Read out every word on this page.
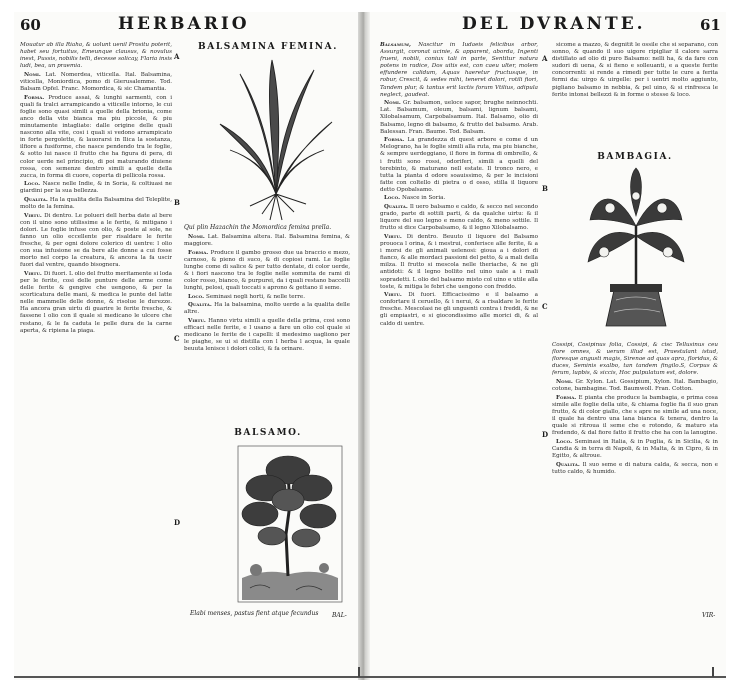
60	HERBARIO

Mouatur ab illa Riaha, & uolunt uenil Prositu poterit, habet seu fortuitus, Emeunque clausus, & novulus inest, Pussis, nobilis telli, decesse solicay, Flaria insis ludi, bea, un praemia.

Nomi. Lat. Nomerdea, viticella. Ital. Balsamina, viticella, Moniordica, pomo di Gierusalemme. Tod. Balsam Opfel. Franc. Momordica, & sic Chamantia.

Forma. Produce assai, & lunghi sarmenti, con i quali fa tralci arrampicando a viticelle intorno, le cui foglie sono quasi simili a quelle della brionia, come anco della vite bianca ma piu piccole, & piu minutamente intagliate: dalle origine delle quali nascono alla vite, cosi i quali si vedono arrampicato in forte pergolette, & lauorarsi in Ilica la sostanza, ilfiore a fusiforme, che nasce pendendo tra le foglie, & sotto lui nasce il frutto che ha figura di pera, di color uerde nel principio, di poi maturando diuiene rossa, con semenze dentro simili a quelle della zucca, in forma di cuore, coperta di pellicola rossa.

Loco. Nasce nelle Indie, & in Soria, & coltiuasi ne giardini per la sua bellezza.

Qualita. Ha la qualita della Balsamina del Teleplite, molto de la femina.

Virtu. Di dentro. Le polueri dell herba date al bere con il uino sono utilissime a le ferite, & mitigano i dolori. Le foglie infuse con olio, & poste al sole, ne fanno un olio eccellente per risaldare le ferite fresche, & per ogni dolore colerico di uentre: l olio con sua infusione se da bere alle donne a cui fosse morto nel corpo la creatura, & ancora la fa uscir fuori dal ventre, quando bisognera.

Virtu. Di fuori. L olio del frutto meritamente si loda per le ferite, cosi delle punture delle arme come delle ferite & gengive che uengono, & per la scorticatura delle mani, & medica le punte del latte nelle mammelle delle donne, & risolue le durezze. Ha ancora gran uirtu di guarire le ferite fresche, & fassene l olio con il quale si medicano le ulcere che restano, & le fa caduta le pelle dura de la carne aperta, & ripiena la piaga.

A
B
C
D
BALSAMINA FEMINA.
Qui plin Hazachin the Momordica femina prella.

Nomi. Lat. Balsamina altera. Ital. Balsamina femina, & maggiore.

Forma. Produce il gambo grosso due ua braccio e mezo, carnoso, & pieno di suco, & di copiosi rami. Le foglie lunghe come di salice & per tutto dentate, di color uerde, & i fiori nascono tra le foglie nelle sommita de rami di color rosso, bianco, & purpurei, da i quali restano baccelli lunghi, pelosi, quali toccati s aprono & gettano il seme.

Loco. Seminasi negli horti, & nelle terre.

Qualita. Ha la balsamina, molto uerde a la qualita delle altre.

Virtu. Hanno virtu simili a quelle della prima, cosi sono efficaci nelle ferite, e l usano a fare un olio col quale si medicano le ferite de i capelli: il medesimo uagliono per le piaghe, se ui si distilla con l herba l acqua, la quale beuuta lenisce i dolori colici, & fa orinare.

BALSAMO.
Elabi menses, pastus fient atque fecundus BAL-
DEL DVRANTE.	61

Balsamum, Nascitur in Iudaeis felicibus arbor, Assurgit, coronat ucinie, & apparent, aborda, Ingenti frueni, nobili, coniux tali in parte, Sentitur natura potens in radice, Dos uitis est, con caeu ulter, molem effundere calidum, Aquas haeretur fructusque, in robur, Crescit, & sedes mihi, teneret dolori, rotili fiori, Tandem plur, & tantus erit lactis forum Vtilius, adipula neglect, gaudeat.

Nomi. Gr. balsamon, ueloce sapor, brughe neinnochti. Lat. Balsamum, oleum, balsami, lignum balsami, Xilobalsamum, Carpobalsamum. Ital. Balsamo, olio di Balsamo, legno di balsamo, & frutto del balsamo. Arab. Balessan. Fran. Baume. Tod. Balsam.

Forma. La grandezza di quest arbore e come d un Melograno, ha le foglie simili alla ruta, ma piu bianche, & sempre uerdeggiano, il fiore in forma di ombrello, & i frutti sono rossi, odoriferi, simili a quelli del terebinto, & maturano nell estate. Il tronco nero, e tutta la pianta d odore soauissimo, & per le incisioni fatte con coltello di pietra o d osso, stilla il liquore detto Opobalsamo.

Loco. Nasce in Soria.

Qualita. Il uero balsamo e caldo, & secco nel secondo grado, parte di sottili parti, & da qualche uirtu: & il liquore del suo legno e meno caldo, & meno sottile. Il frutto si dice Carpobalsamo, & il legno Xilobalsamo.

Virtu. Di dentro. Beuuto il liquore del Balsamo prouoca l orina, & i mestrui, conferisce alle ferite, & a i morsi de gli animali uelenosi: gioua a i dolori di fianco, & alle mordaci passioni del petto, & a mali della milza. Il frutto si mescola nelle theriache, & ne gli antidoti: & il legno bollito nel uino uale a i mali sopradetti. L olio del balsamo misto col uino e utile alla toste, & mitiga le febri che uengono con freddo.

Virtu. Di fuori. Efficacissimo e il balsamo a confortare il ceruello, & i nerui, & a risaldare le ferite fresche. Mescolasi ne gli unguenti contra i freddi, & ne gli empiastri, e si giocondissimo alle morici di, & al caldo di uentre.

A
B
C
D

sicome a mazzo, & degnitit le ossile che si separano, con sonno, & quando il suo uigore ripigliar il calore sarra distillato ad olio di puro Balsamo: nelli ha, & da fare con sudori di uena, & si fieno e solleuanti, e a queste ferite concorrenti: si rende a rimedi per tutte le cure a ferita fermi da: uirgo & uirgelle: per i uentri molto aggiunto, pigliano balsamo in nebbia, & pel uino, & si rinfresca le ferite intonsi bellezzi & in forme o stesse & loco.

BAMBAGIA.

Cossipi, Cosipinus folia, Cossipi, & cisc Tellusinus ceu flore omnes, & uerum illud est, Praestulant istud, floresque angusti magis, Sirenae ad quas apra, floridus, & duces, Seminis exalbo, tan tandem fingilo.S, Corpus & ferum, lupbis, & siccis, Hoc pulpulatum est, dolore.

Nomi. Gr. Xylon. Lat. Gossipium, Xylon. Ital. Bambagio, cotone, bambagine. Tod. Baumwoll. Fran. Cotton.

Forma. E pianta che produce la bambagia, e prima cosa simile alle foglie della uite, & chiama foglie fia il suo gran frutto, & di color giallo, che s apre ne simile ad una noce, il quale ha dentro una lana bianca & tenera, dentro la quale si ritroua il seme che e rotondo, & maturo sta fredendo, & dal fiore fatto il frutto che ha con la lanugine.

Loco. Seminasi in Italia, & in Puglia, & in Sicilia, & in Candia & in terra di Napoli, & in Malta, & in Cipro, & in Egitto, & altroue.

Qualita. Il suo seme e di natura calda, & secca, non e tutto caldo, & humido.

VIR-
